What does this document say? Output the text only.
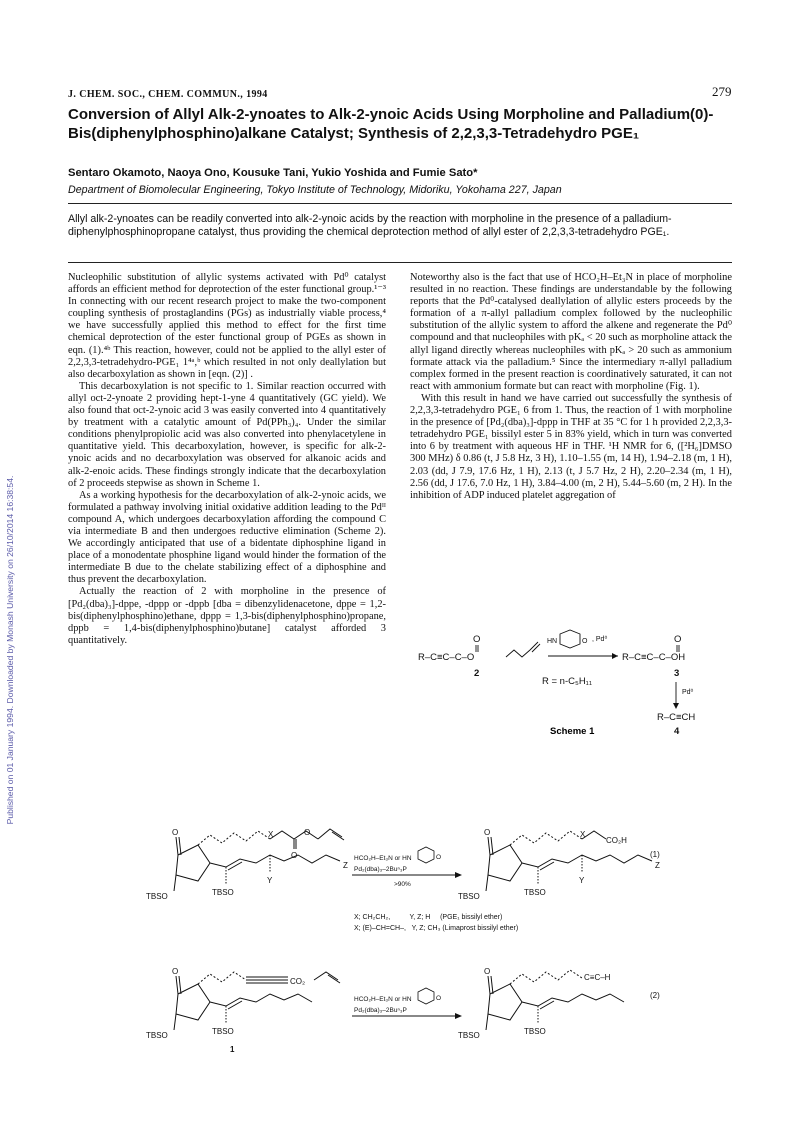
Published on 01 January 1994. Downloaded by Monash University on 26/10/2014 16:38:54.
J. CHEM. SOC., CHEM. COMMUN., 1994	279
Conversion of Allyl Alk-2-ynoates to Alk-2-ynoic Acids Using Morpholine and Palladium(0)-Bis(diphenylphosphino)alkane Catalyst; Synthesis of 2,2,3,3-Tetradehydro PGE₁
Sentaro Okamoto, Naoya Ono, Kousuke Tani, Yukio Yoshida and Fumie Sato*
Department of Biomolecular Engineering, Tokyo Institute of Technology, Midoriku, Yokohama 227, Japan
Allyl alk-2-ynoates can be readily converted into alk-2-ynoic acids by the reaction with morpholine in the presence of a palladium-diphenylphosphinopropane catalyst, thus providing the chemical deprotection method of allyl ester of 2,2,3,3-tetradehydro PGE₁.

Nucleophilic substitution of allylic systems activated with Pd⁰ catalyst affords an efficient method for deprotection of the ester functional group.¹⁻³ In connecting with our recent research project to make the two-component coupling synthesis of prostaglandins (PGs) as industrially viable process,⁴ we have successfully applied this method to effect for the first time chemical deprotection of the ester functional group of PGEs as shown in eqn. (1).⁴ᵇ This reaction, however, could not be applied to the allyl ester of 2,2,3,3-tetradehydro-PGE₁ 1⁴ᵃ,ᵇ which resulted in not only deallylation but also decarboxylation as shown in [eqn. (2)] .

This decarboxylation is not specific to 1. Similar reaction occurred with allyl oct-2-ynoate 2 providing hept-1-yne 4 quantitatively (GC yield). We also found that oct-2-ynoic acid 3 was easily converted into 4 quantitatively by treatment with a catalytic amount of Pd(PPh₃)₄. Under the similar conditions phenylpropiolic acid was also converted into phenylacetylene in quantitative yield. This decarboxylation, however, is specific for alk-2-ynoic acids and no decarboxylation was observed for alkanoic acids and alk-2-enoic acids. These findings strongly indicate that the decarboxylation of 2 proceeds stepwise as shown in Scheme 1.

As a working hypothesis for the decarboxylation of alk-2-ynoic acids, we formulated a pathway involving initial oxidative addition leading to the Pdᴵᴵ compound A, which undergoes decarboxylation affording the compound C via intermediate B and then undergoes reductive elimination (Scheme 2). We accordingly anticipated that use of a bidentate diphosphine ligand in place of a monodentate phosphine ligand would hinder the formation of the intermediate B due to the chelate stabilizing effect of a diphosphine and thus prevent the decarboxylation.

Actually the reaction of 2 with morpholine in the presence of [Pd₂(dba)₃]-dppe, -dppp or -dppb [dba = dibenzylidenacetone, dppe = 1,2-bis(diphenylphosphino)ethane, dppp = 1,3-bis(diphenylphosphino)propane, dppb = 1,4-bis(diphenylphosphino)butane] catalyst afforded 3 quantitatively.

Noteworthy also is the fact that use of HCO₂H–Et₃N in place of morpholine resulted in no reaction. These findings are understandable by the following reports that the Pd⁰-catalysed deallylation of allylic esters proceeds by the formation of a π-allyl palladium complex followed by the nucleophilic substitution of the allylic system to afford the alkene and regenerate the Pd⁰ compound and that nucleophiles with pKₐ < 20 such as morpholine attack the allyl ligand directly whereas nucleophiles with pKₐ > 20 such as ammonium formate attack via the palladium.⁵ Since the intermediary π-allyl palladium complex formed in the present reaction is coordinatively saturated, it can not react with ammonium formate but can react with morpholine (Fig. 1).

With this result in hand we have carried out successfully the synthesis of 2,2,3,3-tetradehydro PGE₁ 6 from 1. Thus, the reaction of 1 with morpholine in the presence of [Pd₂(dba)₃]-dppp in THF at 35 °C for 1 h provided 2,2,3,3-tetradehydro PGE₁ bissilyl ester 5 in 83% yield, which in turn was converted into 6 by treatment with aqueous HF in THF. ¹H NMR for 6, ([²H₆]DMSO 300 MHz) δ 0.86 (t, J 5.8 Hz, 3 H), 1.10–1.55 (m, 14 H), 1.94–2.18 (m, 1 H), 2.03 (dd, J 7.9, 17.6 Hz, 1 H), 2.13 (t, J 5.7 Hz, 2 H), 2.20–2.34 (m, 1 H), 2.56 (dd, J 17.6, 7.0 Hz, 1 H), 3.84–4.00 (m, 2 H), 5.44–5.60 (m, 2 H). In the inhibition of ADP induced platelet aggregation of

R–C≡C–C–O
O
2
HN	O , Pd⁰
R–C≡C–C–OH
O
3
R = n-C₅H₁₁
Pd⁰
R–C≡CH
4
Scheme 1
O	X	O
O
Z
TBSO	TBSO
Y
HCO₂H–Et₃N or HN	O
Pd₂(dba)₃–2Buⁿ₃P
>90%
O	X
CO₂H
Z
TBSO	TBSO
Y
(1)
X; CH₂CH₂,          Y, Z; H     (PGE₁ bissilyl ether)
X; (E)–CH=CH–,   Y, Z; CH₃ (Limaprost bissilyl ether)
O
CO₂
TBSO	TBSO
1
HCO₂H–Et₃N or HN	O
Pd₂(dba)₃–2Buⁿ₃P
O
C≡C–H
TBSO	TBSO
(2)
